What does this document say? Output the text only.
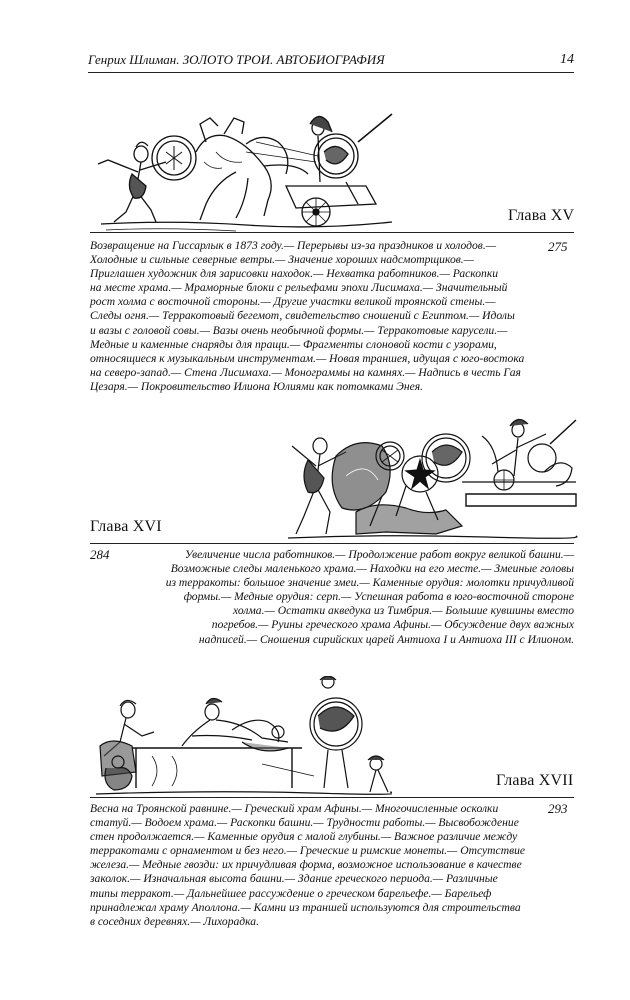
Генрих Шлиман. ЗОЛОТО ТРОИ. АВТОБИОГРАФИЯ	14
Глава XV
Возвращение на Гиссарлык в 1873 году.— Перерывы из-за праздников и холодов.—
Холодные и сильные северные ветры.— Значение хороших надсмотрщиков.—
Приглашен художник для зарисовки находок.— Нехватка работников.— Раскопки
на месте храма.— Мраморные блоки с рельефами эпохи Лисимаха.— Значительный
рост холма с восточной стороны.— Другие участки великой троянской стены.—
Следы огня.— Терракотовый бегемот, свидетельство сношений с Египтом.— Идолы
и вазы с головой совы.— Вазы очень необычной формы.— Терракотовые карусели.—
Медные и каменные снаряды для пращи.— Фрагменты слоновой кости с узорами,
относящиеся к музыкальным инструментам.— Новая траншея, идущая с юго-востока
на северо-запад.— Стена Лисимаха.— Монограммы на камнях.— Надпись в честь Гая
Цезаря.— Покровительство Илиона Юлиями как потомками Энея.
275
Глава XVI
284	Увеличение числа работников.— Продолжение работ вокруг великой башни.—
Возможные следы маленького храма.— Находки на его месте.— Змеиные головы
из терракоты: большое значение змеи.— Каменные орудия: молотки причудливой
формы.— Медные орудия: серп.— Успешная работа в юго-восточной стороне
холма.— Остатки акведука из Тимбрия.— Большие кувшины вместо
погребов.— Руины греческого храма Афины.— Обсуждение двух важных
надписей.— Сношения сирийских царей Антиоха I и Антиоха III с Илионом.
Глава XVII
Весна на Троянской равнине.— Греческий храм Афины.— Многочисленные осколки
статуй.— Водоем храма.— Раскопки башни.— Трудности работы.— Высвобождение
стен продолжается.— Каменные орудия с малой глубины.— Важное различие между
терракотами с орнаментом и без него.— Греческие и римские монеты.— Отсутствие
железа.— Медные гвозди: их причудливая форма, возможное использование в качестве
заколок.— Изначальная высота башни.— Здание греческого периода.— Различные
типы терракот.— Дальнейшее рассуждение о греческом барельефе.— Барельеф
принадлежал храму Аполлона.— Камни из траншей используются для строительства
в соседних деревнях.— Лихорадка.
293
